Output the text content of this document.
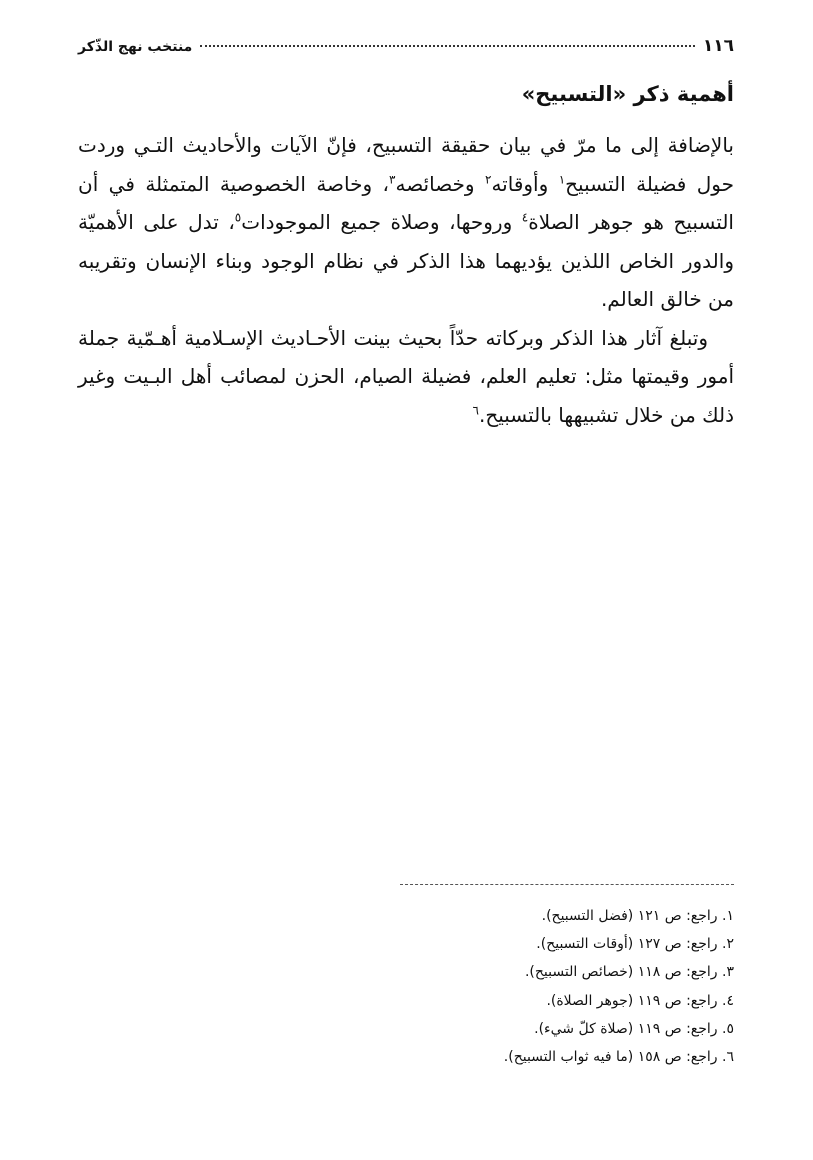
١١٦
منتخب نهج الذّكر
أهمية ذكر «التسبيح»

بالإضافة إلى ما مرّ في بيان حقيقة التسبيح، فإنّ الآيات والأحاديث التـي وردت حول فضيلة التسبيح$^١$ وأوقاته$^٢$ وخصائصه$^٣$، وخاصة الخصوصية المتمثلة في أن التسبيح هو جوهر الصلاة$^٤$ وروحها، وصلاة جميع الموجودات$^٥$، تدل على الأهميّة والدور الخاص اللذين يؤديهما هذا الذكر في نظام الوجود وبناء الإنسان وتقريبه من خالق العالم.

وتبلغ آثار هذا الذكر وبركاته حدّاً بحيث بينت الأحـاديث الإسـلامية أهـمّية جملة أمور وقيمتها مثل: تعليم العلم، فضيلة الصيام، الحزن لمصائب أهل البـيت وغير ذلك من خلال تشبيهها بالتسبيح.$^٦$

١. راجع: ص ١٢١ (فضل التسبيح).
٢. راجع: ص ١٢٧ (أوقات التسبيح).
٣. راجع: ص ١١٨ (خصائص التسبيح).
٤. راجع: ص ١١٩ (جوهر الصلاة).
٥. راجع: ص ١١٩ (صلاة كلّ شيء).
٦. راجع: ص ١٥٨ (ما فيه ثواب التسبيح).
